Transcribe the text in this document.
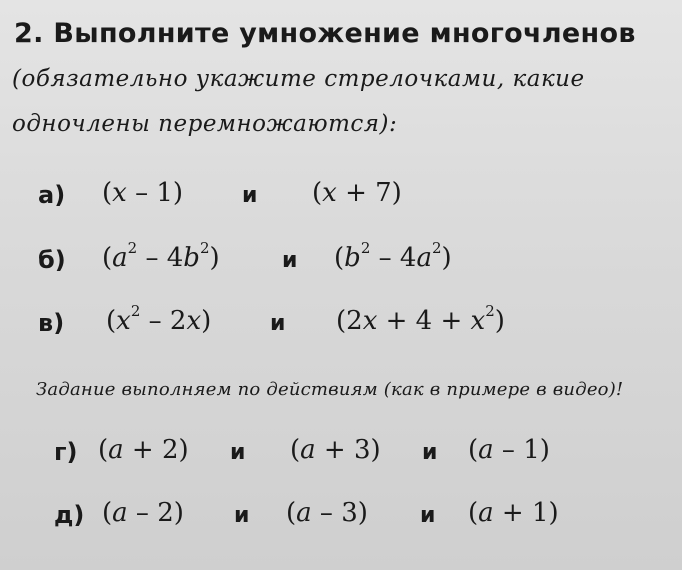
2. Выполните умножение многочленов
(обязательно укажите стрелочками, какие
одночлены перемножаются):
а) (x – 1)	и (x + 7)
б) $(a^2 - 4b^2)$	и $(b^2 - 4a^2)$
в) $(x^2 - 2x)$	и $(2x + 4 + x^2)$
Задание выполняем по действиям (как в примере в видео)!
г) (a + 2) и (a + 3) и (a – 1)
д) (a – 2) и (a – 3) и (a + 1)
